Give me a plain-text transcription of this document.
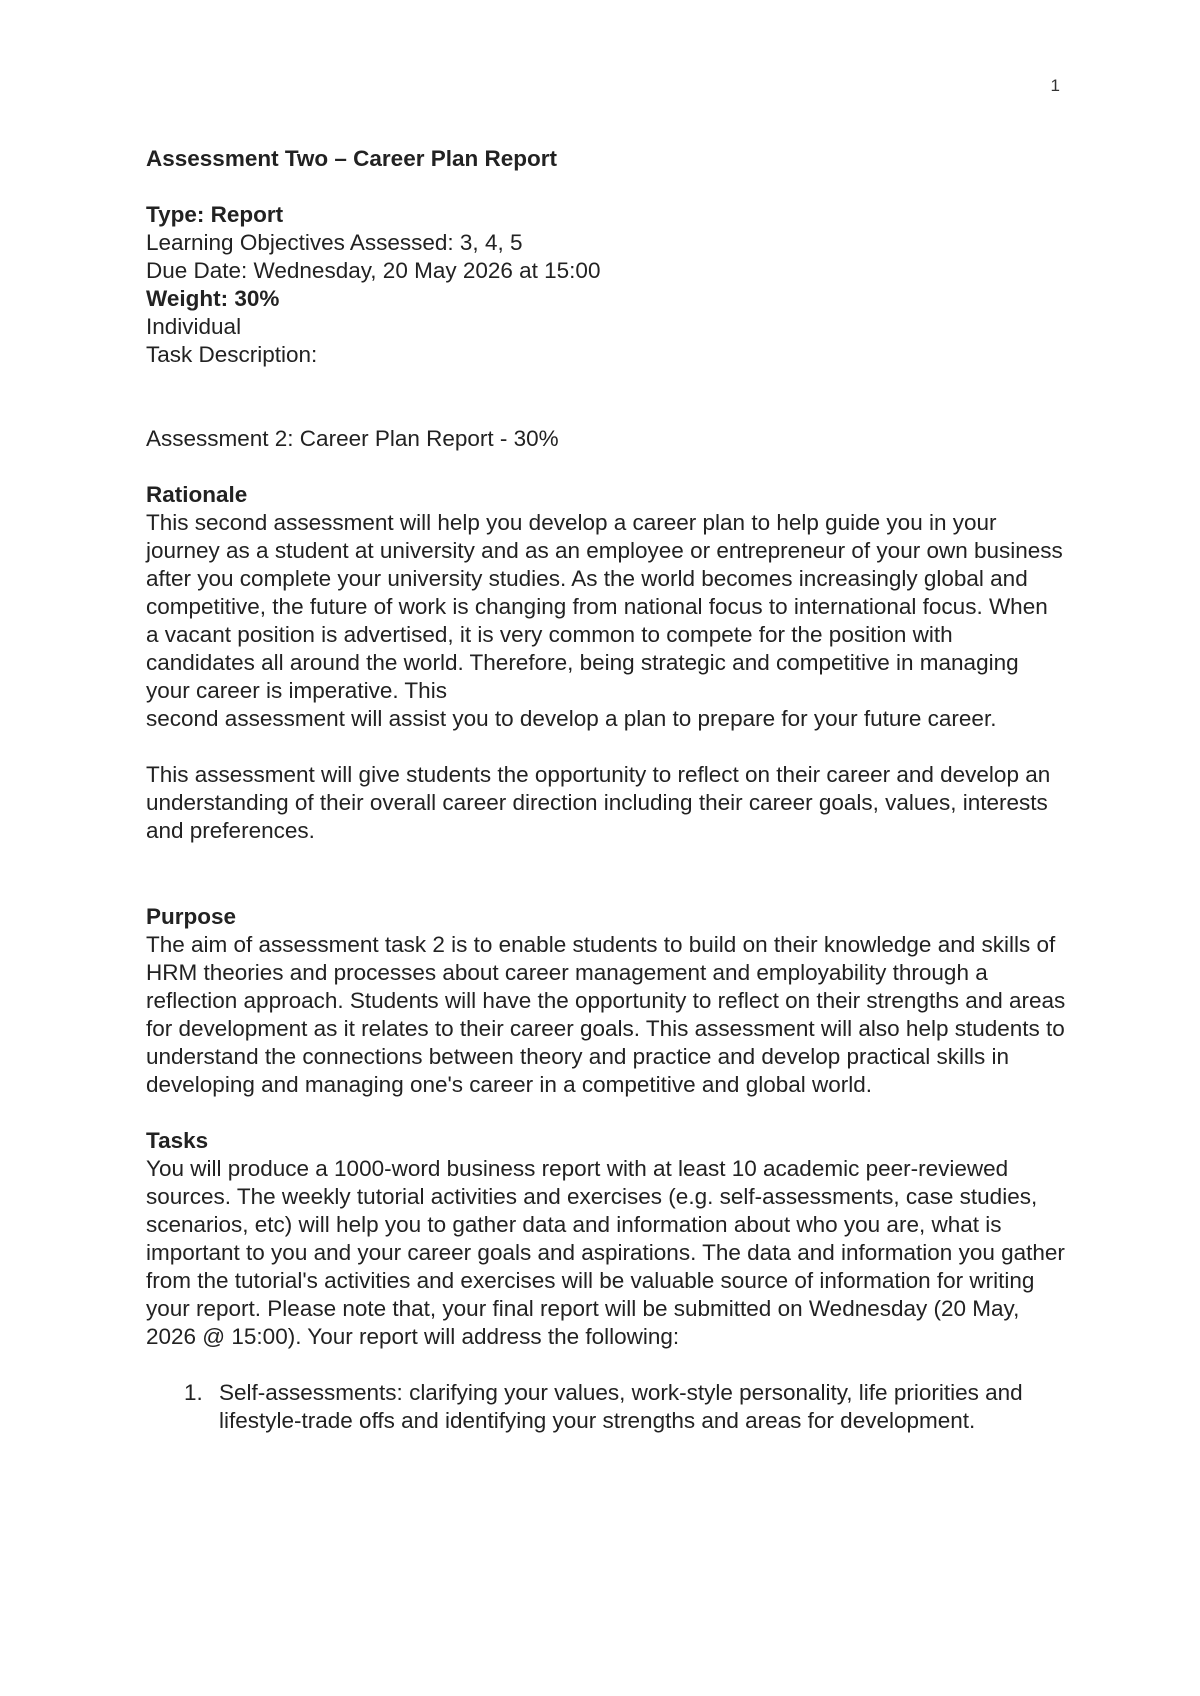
1
Assessment Two – Career Plan Report
Type: Report
Learning Objectives Assessed: 3, 4, 5
Due Date: Wednesday, 20 May 2026 at 15:00
Weight: 30%
Individual
Task Description:
Assessment 2: Career Plan Report - 30%
Rationale

This second assessment will help you develop a career plan to help guide you in your journey as a student at university and as an employee or entrepreneur of your own business after you complete your university studies. As the world becomes increasingly global and competitive, the future of work is changing from national focus to international focus. When a vacant position is advertised, it is very common to compete for the position with candidates all around the world. Therefore, being strategic and competitive in managing your career is imperative. This

second assessment will assist you to develop a plan to prepare for your future career.

This assessment will give students the opportunity to reflect on their career and develop an understanding of their overall career direction including their career goals, values, interests and preferences.

Purpose

The aim of assessment task 2 is to enable students to build on their knowledge and skills of HRM theories and processes about career management and employability through a reflection approach. Students will have the opportunity to reflect on their strengths and areas for development as it relates to their career goals. This assessment will also help students to understand the connections between theory and practice and develop practical skills in developing and managing one's career in a competitive and global world.

Tasks

You will produce a 1000-word business report with at least 10 academic peer-reviewed sources. The weekly tutorial activities and exercises (e.g. self-assessments, case studies, scenarios, etc) will help you to gather data and information about who you are, what is important to you and your career goals and aspirations. The data and information you gather from the tutorial's activities and exercises will be valuable source of information for writing your report. Please note that, your final report will be submitted on Wednesday (20 May, 2026 @ 15:00). Your report will address the following:

1. Self-assessments: clarifying your values, work-style personality, life priorities and lifestyle-trade offs and identifying your strengths and areas for development.
